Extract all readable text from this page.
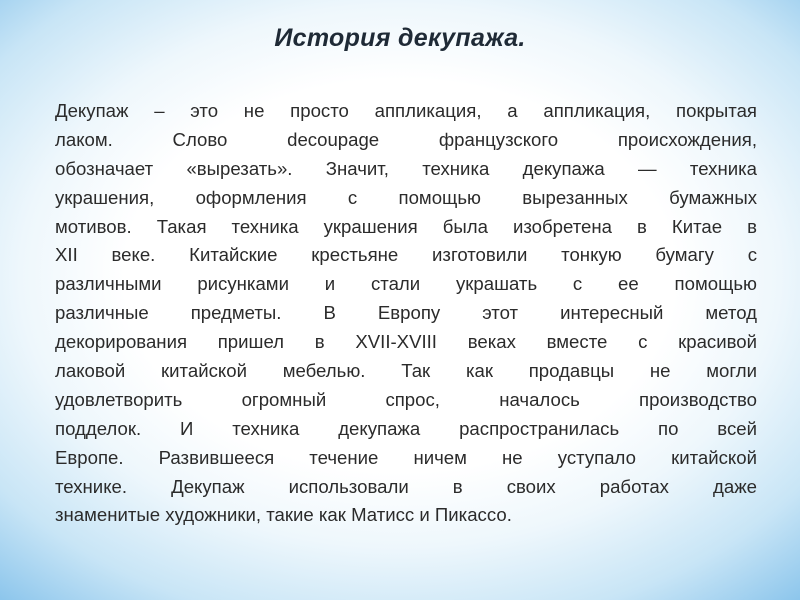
История декупажа.
Декупаж – это не просто аппликация, а аппликация, покрытая
лаком. Слово decoupage французского происхождения,
обозначает «вырезать». Значит, техника декупажа — техника
украшения, оформления с помощью вырезанных бумажных
мотивов. Такая техника украшения была изобретена в Китае в
XII веке. Китайские крестьяне изготовили тонкую бумагу с
различными рисунками и стали украшать с ее помощью
различные предметы. В Европу этот интересный метод
декорирования пришел в XVII-XVIII веках вместе с красивой
лаковой китайской мебелью. Так как продавцы не могли
удовлетворить огромный спрос, началось производство
подделок. И техника декупажа распространилась по всей
Европе. Развившееся течение ничем не уступало китайской
технике. Декупаж использовали в своих работах даже
знаменитые художники, такие как Матисс и Пикассо.
